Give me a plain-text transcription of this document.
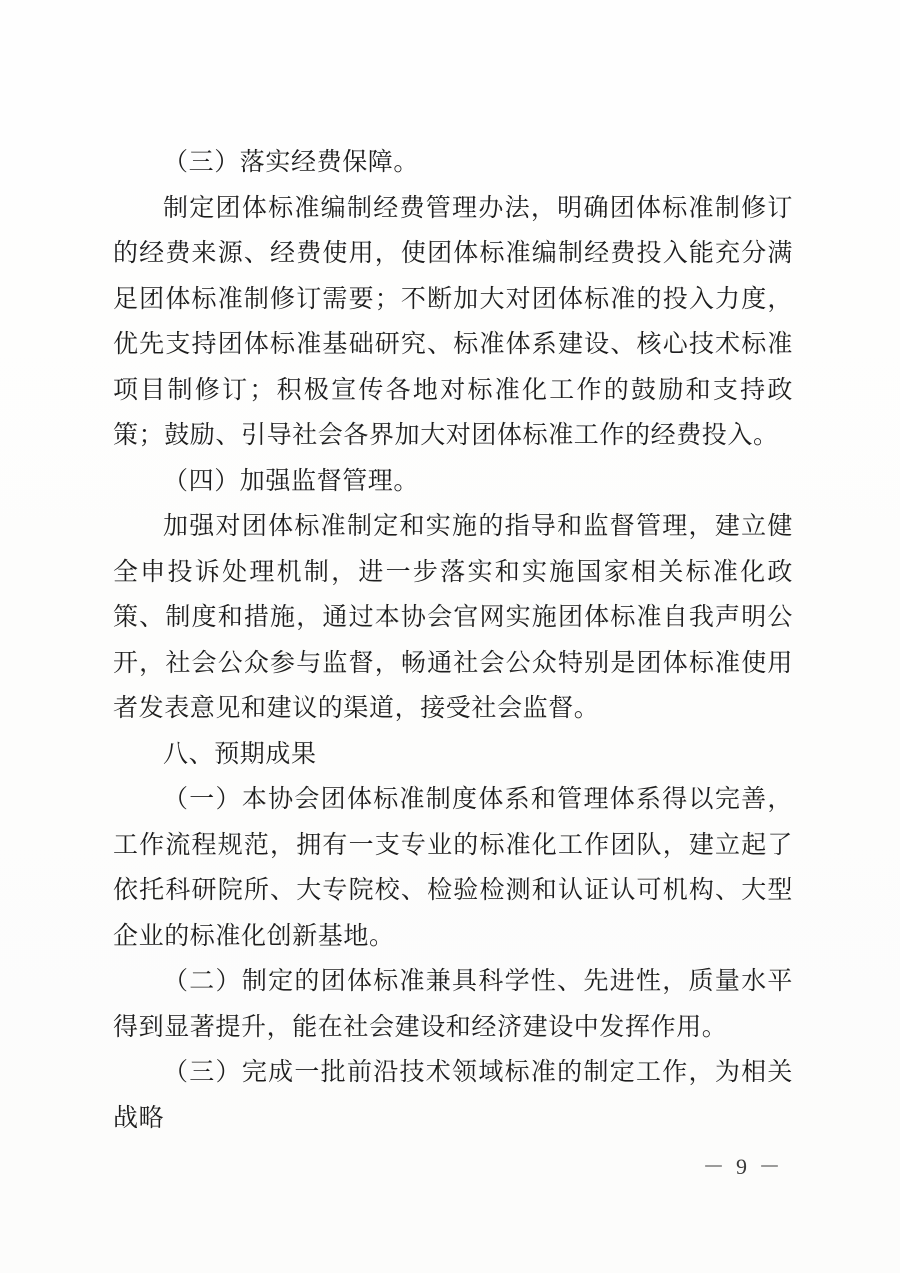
（三）落实经费保障。

制定团体标准编制经费管理办法，明确团体标准制修订的经费来源、经费使用，使团体标准编制经费投入能充分满足团体标准制修订需要；不断加大对团体标准的投入力度，优先支持团体标准基础研究、标准体系建设、核心技术标准项目制修订；积极宣传各地对标准化工作的鼓励和支持政策；鼓励、引导社会各界加大对团体标准工作的经费投入。

（四）加强监督管理。

加强对团体标准制定和实施的指导和监督管理，建立健全申投诉处理机制，进一步落实和实施国家相关标准化政策、制度和措施，通过本协会官网实施团体标准自我声明公开，社会公众参与监督，畅通社会公众特别是团体标准使用者发表意见和建议的渠道，接受社会监督。

八、预期成果

（一）本协会团体标准制度体系和管理体系得以完善，工作流程规范，拥有一支专业的标准化工作团队，建立起了依托科研院所、大专院校、检验检测和认证认可机构、大型企业的标准化创新基地。

（二）制定的团体标准兼具科学性、先进性，质量水平得到显著提升，能在社会建设和经济建设中发挥作用。

（三）完成一批前沿技术领域标准的制定工作，为相关战略

－ 9 －
